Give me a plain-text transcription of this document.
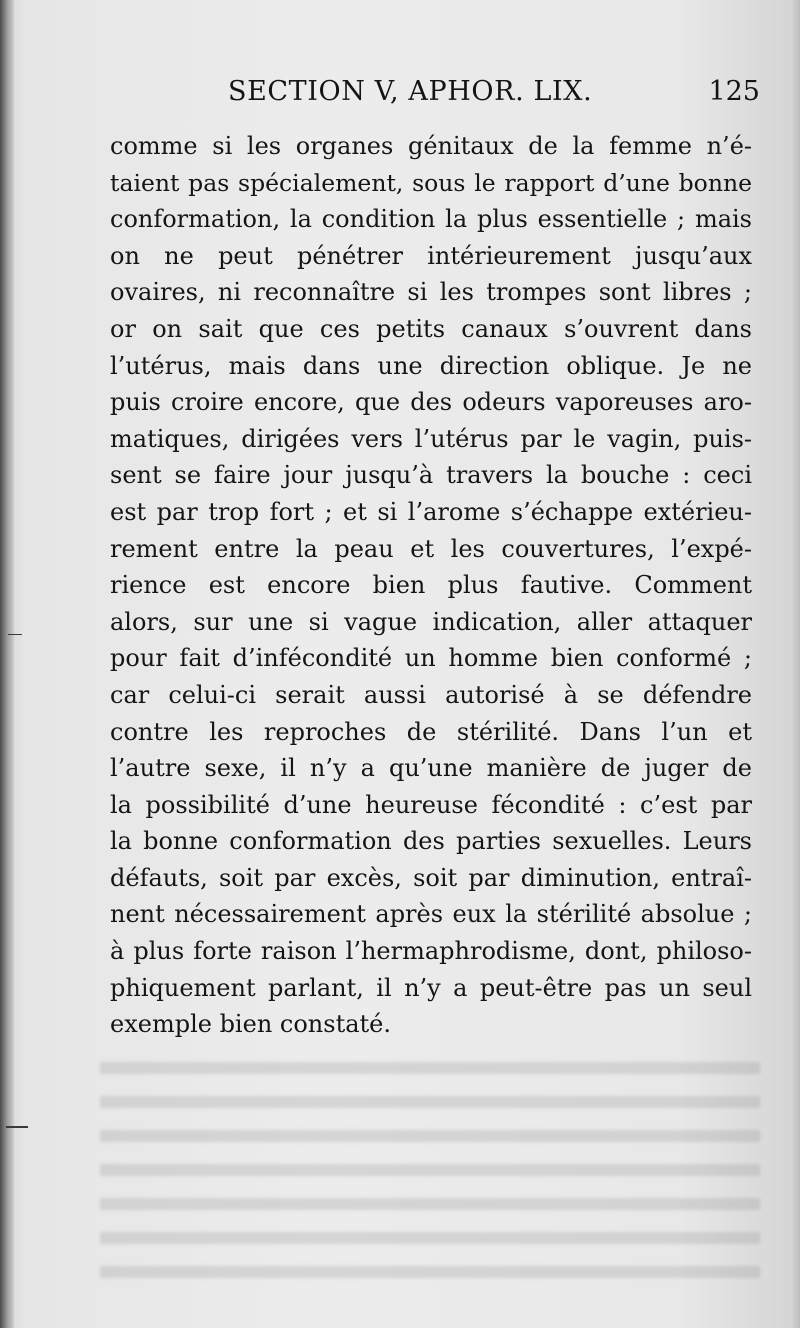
SECTION V, APHOR. LIX.	125
comme si les organes génitaux de la femme n’é-
taient pas spécialement, sous le rapport d’une bonne
conformation, la condition la plus essentielle ; mais
on ne peut pénétrer intérieurement jusqu’aux
ovaires, ni reconnaître si les trompes sont libres ;
or on sait que ces petits canaux s’ouvrent dans
l’utérus, mais dans une direction oblique. Je ne
puis croire encore, que des odeurs vaporeuses aro-
matiques, dirigées vers l’utérus par le vagin, puis-
sent se faire jour jusqu’à travers la bouche : ceci
est par trop fort ; et si l’arome s’échappe extérieu-
rement entre la peau et les couvertures, l’expé-
rience est encore bien plus fautive. Comment
alors, sur une si vague indication, aller attaquer
pour fait d’infécondité un homme bien conformé ;
car celui-ci serait aussi autorisé à se défendre
contre les reproches de stérilité. Dans l’un et
l’autre sexe, il n’y a qu’une manière de juger de
la possibilité d’une heureuse fécondité : c’est par
la bonne conformation des parties sexuelles. Leurs
défauts, soit par excès, soit par diminution, entraî-
nent nécessairement après eux la stérilité absolue ;
à plus forte raison l’hermaphrodisme, dont, philoso-
phiquement parlant, il n’y a peut-être pas un seul
exemple bien constaté.
